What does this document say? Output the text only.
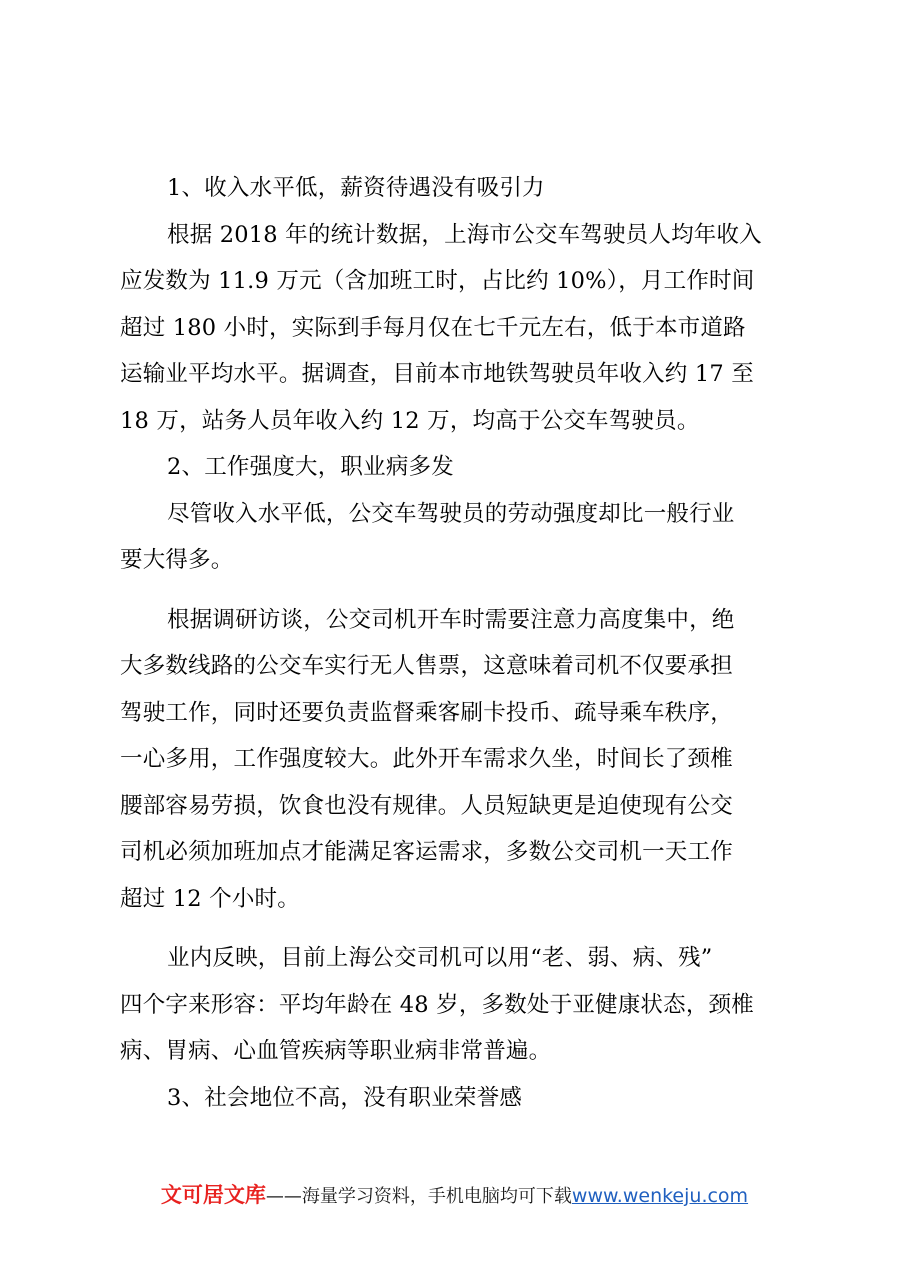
1、收入水平低，薪资待遇没有吸引力
根据 2018 年的统计数据，上海市公交车驾驶员人均年收入
应发数为 11.9 万元（含加班工时，占比约 10%），月工作时间
超过 180 小时，实际到手每月仅在七千元左右，低于本市道路
运输业平均水平。据调查，目前本市地铁驾驶员年收入约 17 至
18 万，站务人员年收入约 12 万，均高于公交车驾驶员。
2、工作强度大，职业病多发
尽管收入水平低，公交车驾驶员的劳动强度却比一般行业
要大得多。
根据调研访谈，公交司机开车时需要注意力高度集中，绝
大多数线路的公交车实行无人售票，这意味着司机不仅要承担
驾驶工作，同时还要负责监督乘客刷卡投币、疏导乘车秩序，
一心多用，工作强度较大。此外开车需求久坐，时间长了颈椎
腰部容易劳损，饮食也没有规律。人员短缺更是迫使现有公交
司机必须加班加点才能满足客运需求，多数公交司机一天工作
超过 12 个小时。
业内反映，目前上海公交司机可以用“老、弱、病、残”
四个字来形容：平均年龄在 48 岁，多数处于亚健康状态，颈椎
病、胃病、心血管疾病等职业病非常普遍。
3、社会地位不高，没有职业荣誉感
文可居文库——海量学习资料，手机电脑均可下载www.wenkeju.com
